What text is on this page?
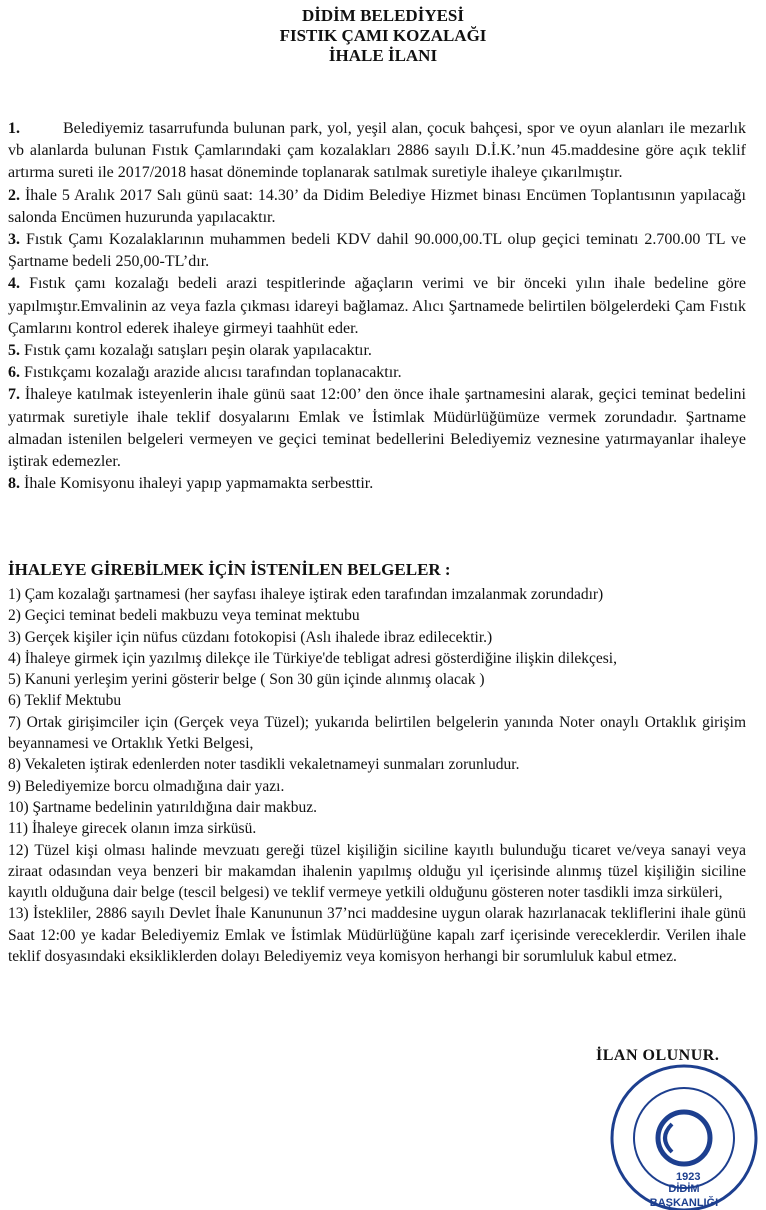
DİDİM BELEDİYESİ
FISTIK ÇAMI KOZALAĞI
İHALE İLANI

1.	Belediyemiz tasarrufunda bulunan park, yol, yeşil alan, çocuk bahçesi, spor ve oyun alanları ile mezarlık vb alanlarda bulunan Fıstık Çamlarındaki çam kozalakları 2886 sayılı D.İ.K.’nun 45.maddesine göre açık teklif artırma sureti ile 2017/2018 hasat döneminde toplanarak satılmak suretiyle ihaleye çıkarılmıştır.

2. İhale 5 Aralık 2017 Salı günü saat: 14.30’ da Didim Belediye Hizmet binası Encümen Toplantısının yapılacağı salonda Encümen huzurunda yapılacaktır.

3. Fıstık Çamı Kozalaklarının muhammen bedeli KDV dahil 90.000,00.TL olup geçici teminatı 2.700.00 TL ve Şartname bedeli 250,00-TL’dır.

4. Fıstık çamı kozalağı bedeli arazi tespitlerinde ağaçların verimi ve bir önceki yılın ihale bedeline göre yapılmıştır.Emvalinin az veya fazla çıkması idareyi bağlamaz. Alıcı Şartnamede belirtilen bölgelerdeki Çam Fıstık Çamlarını kontrol ederek ihaleye girmeyi taahhüt eder.

5. Fıstık çamı kozalağı satışları peşin olarak yapılacaktır.

6. Fıstıkçamı kozalağı arazide alıcısı tarafından toplanacaktır.

7. İhaleye katılmak isteyenlerin ihale günü saat 12:00’ den önce ihale şartnamesini alarak, geçici teminat bedelini yatırmak suretiyle ihale teklif dosyalarını Emlak ve İstimlak Müdürlüğümüze vermek zorundadır. Şartname almadan istenilen belgeleri vermeyen ve geçici teminat bedellerini Belediyemiz veznesine yatırmayanlar ihaleye iştirak edemezler.

8. İhale Komisyonu ihaleyi yapıp yapmamakta serbesttir.

İHALEYE GİREBİLMEK İÇİN İSTENİLEN BELGELER :

1) Çam kozalağı şartnamesi (her sayfası ihaleye iştirak eden tarafından imzalanmak zorundadır)

2) Geçici teminat bedeli makbuzu veya teminat mektubu

3) Gerçek kişiler için nüfus cüzdanı fotokopisi (Aslı ihalede ibraz edilecektir.)

4) İhaleye girmek için yazılmış dilekçe ile Türkiye'de tebligat adresi gösterdiğine ilişkin dilekçesi,

5) Kanuni yerleşim yerini gösterir belge ( Son 30 gün içinde alınmış olacak )

6) Teklif Mektubu

7) Ortak girişimciler için (Gerçek veya Tüzel); yukarıda belirtilen belgelerin yanında Noter onaylı Ortaklık girişim beyannamesi ve Ortaklık Yetki Belgesi,

8) Vekaleten iştirak edenlerden noter tasdikli vekaletnameyi sunmaları zorunludur.

9) Belediyemize borcu olmadığına dair yazı.

10) Şartname bedelinin yatırıldığına dair makbuz.

11) İhaleye girecek olanın imza sirküsü.

12) Tüzel kişi olması halinde mevzuatı gereği tüzel kişiliğin siciline kayıtlı bulunduğu ticaret ve/veya sanayi veya ziraat odasından veya benzeri bir makamdan ihalenin yapılmış olduğu yıl içerisinde alınmış tüzel kişiliğin siciline kayıtlı olduğuna dair belge (tescil belgesi) ve teklif vermeye yetkili olduğunu gösteren noter tasdikli imza sirküleri,

13) İstekliler, 2886 sayılı Devlet İhale Kanununun 37’nci maddesine uygun olarak hazırlanacak tekliflerini ihale günü Saat 12:00 ye kadar Belediyemiz Emlak ve İstimlak Müdürlüğüne kapalı zarf içerisinde vereceklerdir. Verilen ihale teklif dosyasındaki eksikliklerden dolayı Belediyemiz veya komisyon herhangi bir sorumluluk kabul etmez.

1923
DİDİM
BAŞKANLIĞI
İLAN OLUNUR.
